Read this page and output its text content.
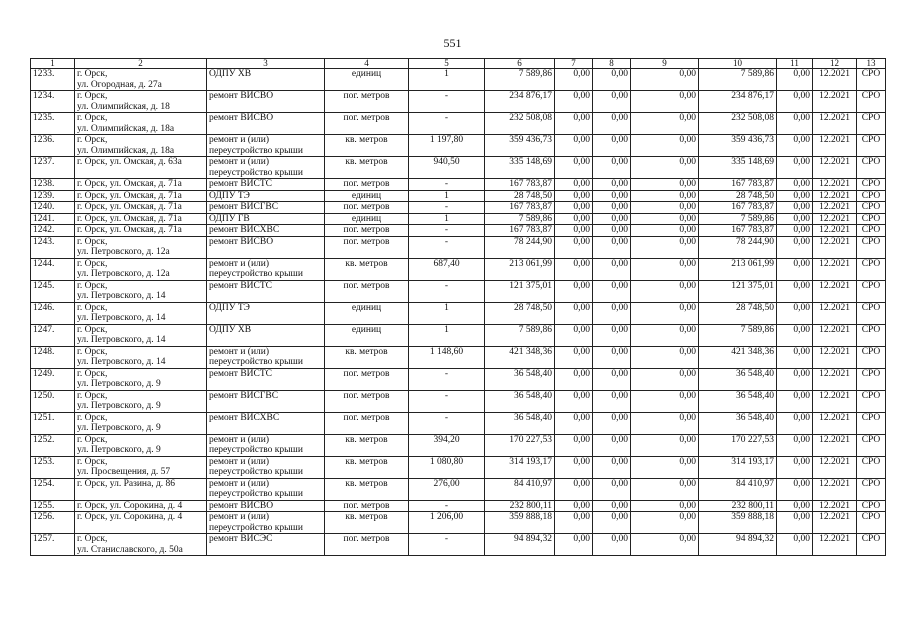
551
1	2	3	4	5	6	7	8	9	10	11	12	13
1233.	г. Орск,
ул. Огородная, д. 27а	ОДПУ ХВ	единиц	1	7 589,86	0,00	0,00	0,00	7 589,86	0,00	12.2021	СРО
1234.	г. Орск,
ул. Олимпийская, д. 18	ремонт ВИСВО	пог. метров	-	234 876,17	0,00	0,00	0,00	234 876,17	0,00	12.2021	СРО
1235.	г. Орск,
ул. Олимпийская, д. 18а	ремонт ВИСВО	пог. метров	-	232 508,08	0,00	0,00	0,00	232 508,08	0,00	12.2021	СРО
1236.	г. Орск,
ул. Олимпийская, д. 18а	ремонт и (или)
переустройство крыши	кв. метров	1 197,80	359 436,73	0,00	0,00	0,00	359 436,73	0,00	12.2021	СРО
1237.	г. Орск, ул. Омская, д. 63а	ремонт и (или)
переустройство крыши	кв. метров	940,50	335 148,69	0,00	0,00	0,00	335 148,69	0,00	12.2021	СРО
1238.	г. Орск, ул. Омская, д. 71а	ремонт ВИСТС	пог. метров	-	167 783,87	0,00	0,00	0,00	167 783,87	0,00	12.2021	СРО
1239.	г. Орск, ул. Омская, д. 71а	ОДПУ ТЭ	единиц	1	28 748,50	0,00	0,00	0,00	28 748,50	0,00	12.2021	СРО
1240.	г. Орск, ул. Омская, д. 71а	ремонт ВИСГВС	пог. метров	-	167 783,87	0,00	0,00	0,00	167 783,87	0,00	12.2021	СРО
1241.	г. Орск, ул. Омская, д. 71а	ОДПУ ГВ	единиц	1	7 589,86	0,00	0,00	0,00	7 589,86	0,00	12.2021	СРО
1242.	г. Орск, ул. Омская, д. 71а	ремонт ВИСХВС	пог. метров	-	167 783,87	0,00	0,00	0,00	167 783,87	0,00	12.2021	СРО
1243.	г. Орск,
ул. Петровского, д. 12а	ремонт ВИСВО	пог. метров	-	78 244,90	0,00	0,00	0,00	78 244,90	0,00	12.2021	СРО
1244.	г. Орск,
ул. Петровского, д. 12а	ремонт и (или)
переустройство крыши	кв. метров	687,40	213 061,99	0,00	0,00	0,00	213 061,99	0,00	12.2021	СРО
1245.	г. Орск,
ул. Петровского, д. 14	ремонт ВИСТС	пог. метров	-	121 375,01	0,00	0,00	0,00	121 375,01	0,00	12.2021	СРО
1246.	г. Орск,
ул. Петровского, д. 14	ОДПУ ТЭ	единиц	1	28 748,50	0,00	0,00	0,00	28 748,50	0,00	12.2021	СРО
1247.	г. Орск,
ул. Петровского, д. 14	ОДПУ ХВ	единиц	1	7 589,86	0,00	0,00	0,00	7 589,86	0,00	12.2021	СРО
1248.	г. Орск,
ул. Петровского, д. 14	ремонт и (или)
переустройство крыши	кв. метров	1 148,60	421 348,36	0,00	0,00	0,00	421 348,36	0,00	12.2021	СРО
1249.	г. Орск,
ул. Петровского, д. 9	ремонт ВИСТС	пог. метров	-	36 548,40	0,00	0,00	0,00	36 548,40	0,00	12.2021	СРО
1250.	г. Орск,
ул. Петровского, д. 9	ремонт ВИСГВС	пог. метров	-	36 548,40	0,00	0,00	0,00	36 548,40	0,00	12.2021	СРО
1251.	г. Орск,
ул. Петровского, д. 9	ремонт ВИСХВС	пог. метров	-	36 548,40	0,00	0,00	0,00	36 548,40	0,00	12.2021	СРО
1252.	г. Орск,
ул. Петровского, д. 9	ремонт и (или)
переустройство крыши	кв. метров	394,20	170 227,53	0,00	0,00	0,00	170 227,53	0,00	12.2021	СРО
1253.	г. Орск,
ул. Просвещения, д. 57	ремонт и (или)
переустройство крыши	кв. метров	1 080,80	314 193,17	0,00	0,00	0,00	314 193,17	0,00	12.2021	СРО
1254.	г. Орск, ул. Разина, д. 86	ремонт и (или)
переустройство крыши	кв. метров	276,00	84 410,97	0,00	0,00	0,00	84 410,97	0,00	12.2021	СРО
1255.	г. Орск, ул. Сорокина, д. 4	ремонт ВИСВО	пог. метров	-	232 800,11	0,00	0,00	0,00	232 800,11	0,00	12.2021	СРО
1256.	г. Орск, ул. Сорокина, д. 4	ремонт и (или)
переустройство крыши	кв. метров	1 206,00	359 888,18	0,00	0,00	0,00	359 888,18	0,00	12.2021	СРО
1257.	г. Орск,
ул. Станиславского, д. 50а	ремонт ВИСЭС	пог. метров	-	94 894,32	0,00	0,00	0,00	94 894,32	0,00	12.2021	СРО
